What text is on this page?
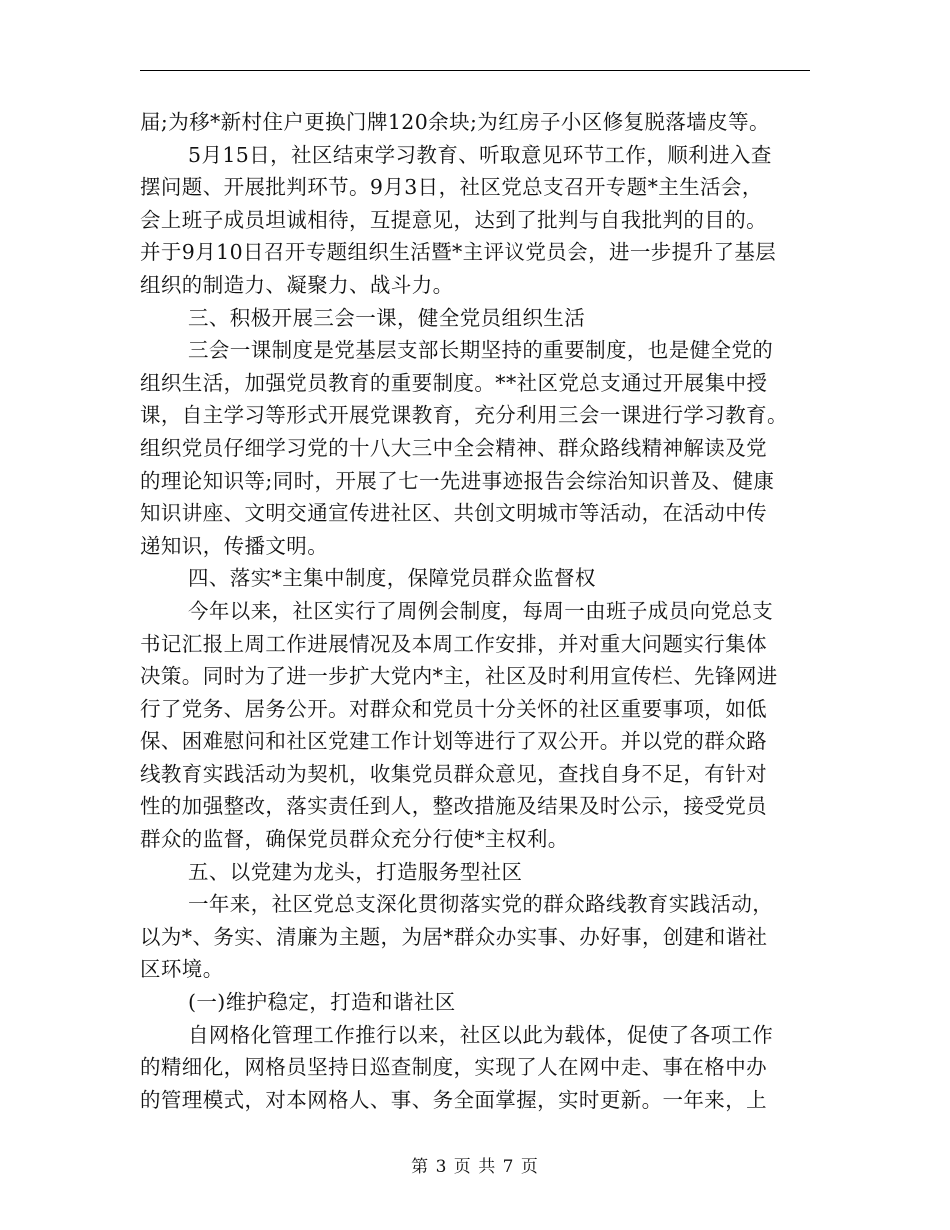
届;为移*新村住户更换门牌120余块;为红房子小区修复脱落墙皮等。
5月15日，社区结束学习教育、听取意见环节工作，顺利进入查
摆问题、开展批判环节。9月3日，社区党总支召开专题*主生活会，
会上班子成员坦诚相待，互提意见，达到了批判与自我批判的目的。
并于9月10日召开专题组织生活暨*主评议党员会，进一步提升了基层
组织的制造力、凝聚力、战斗力。
三、积极开展三会一课，健全党员组织生活
三会一课制度是党基层支部长期坚持的重要制度，也是健全党的
组织生活，加强党员教育的重要制度。**社区党总支通过开展集中授
课，自主学习等形式开展党课教育，充分利用三会一课进行学习教育。
组织党员仔细学习党的十八大三中全会精神、群众路线精神解读及党
的理论知识等;同时，开展了七一先进事迹报告会综治知识普及、健康
知识讲座、文明交通宣传进社区、共创文明城市等活动，在活动中传
递知识，传播文明。
四、落实*主集中制度，保障党员群众监督权
今年以来，社区实行了周例会制度，每周一由班子成员向党总支
书记汇报上周工作进展情况及本周工作安排，并对重大问题实行集体
决策。同时为了进一步扩大党内*主，社区及时利用宣传栏、先锋网进
行了党务、居务公开。对群众和党员十分关怀的社区重要事项，如低
保、困难慰问和社区党建工作计划等进行了双公开。并以党的群众路
线教育实践活动为契机，收集党员群众意见，查找自身不足，有针对
性的加强整改，落实责任到人，整改措施及结果及时公示，接受党员
群众的监督，确保党员群众充分行使*主权利。
五、以党建为龙头，打造服务型社区
一年来，社区党总支深化贯彻落实党的群众路线教育实践活动，
以为*、务实、清廉为主题，为居*群众办实事、办好事，创建和谐社
区环境。
(一)维护稳定，打造和谐社区
自网格化管理工作推行以来，社区以此为载体，促使了各项工作
的精细化，网格员坚持日巡查制度，实现了人在网中走、事在格中办
的管理模式，对本网格人、事、务全面掌握，实时更新。一年来，上
第 3 页 共 7 页
